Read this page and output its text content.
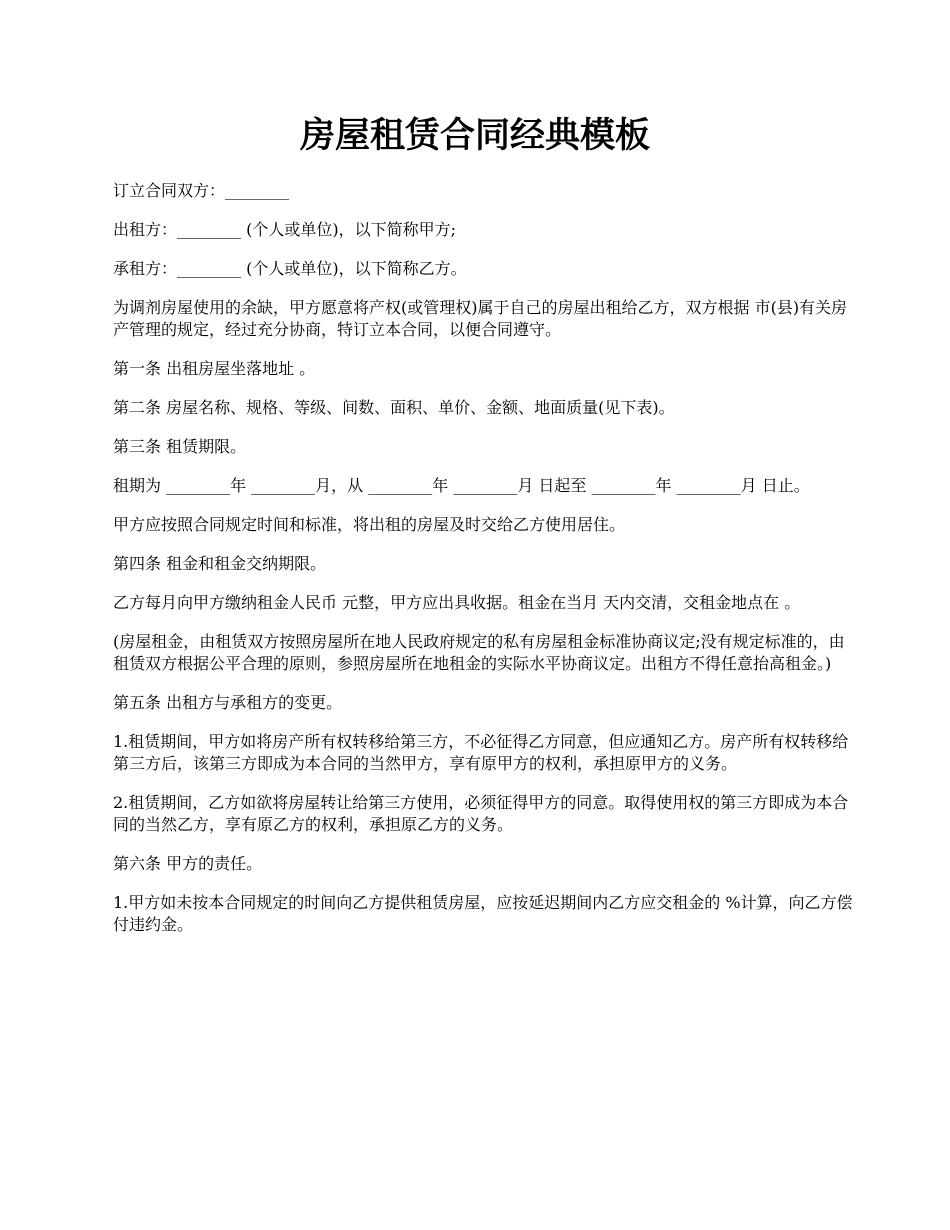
房屋租赁合同经典模板

订立合同双方：________

出租方：________ (个人或单位)，以下简称甲方;

承租方：________ (个人或单位)，以下简称乙方。

为调剂房屋使用的余缺，甲方愿意将产权(或管理权)属于自己的房屋出租给乙方，双方根据 市(县)有关房产管理的规定，经过充分协商，特订立本合同，以便合同遵守。

第一条 出租房屋坐落地址 。

第二条 房屋名称、规格、等级、间数、面积、单价、金额、地面质量(见下表)。

第三条 租赁期限。

租期为 ________年 ________月，从 ________年 ________月 日起至 ________年 ________月 日止。

甲方应按照合同规定时间和标准，将出租的房屋及时交给乙方使用居住。

第四条 租金和租金交纳期限。

乙方每月向甲方缴纳租金人民币 元整，甲方应出具收据。租金在当月 天内交清，交租金地点在 。

(房屋租金，由租赁双方按照房屋所在地人民政府规定的私有房屋租金标准协商议定;没有规定标准的，由租赁双方根据公平合理的原则，参照房屋所在地租金的实际水平协商议定。出租方不得任意抬高租金。)

第五条 出租方与承租方的变更。

1.租赁期间，甲方如将房产所有权转移给第三方，不必征得乙方同意，但应通知乙方。房产所有权转移给第三方后，该第三方即成为本合同的当然甲方，享有原甲方的权利，承担原甲方的义务。

2.租赁期间，乙方如欲将房屋转让给第三方使用，必须征得甲方的同意。取得使用权的第三方即成为本合同的当然乙方，享有原乙方的权利，承担原乙方的义务。

第六条 甲方的责任。

1.甲方如未按本合同规定的时间向乙方提供租赁房屋，应按延迟期间内乙方应交租金的 %计算，向乙方偿付违约金。
